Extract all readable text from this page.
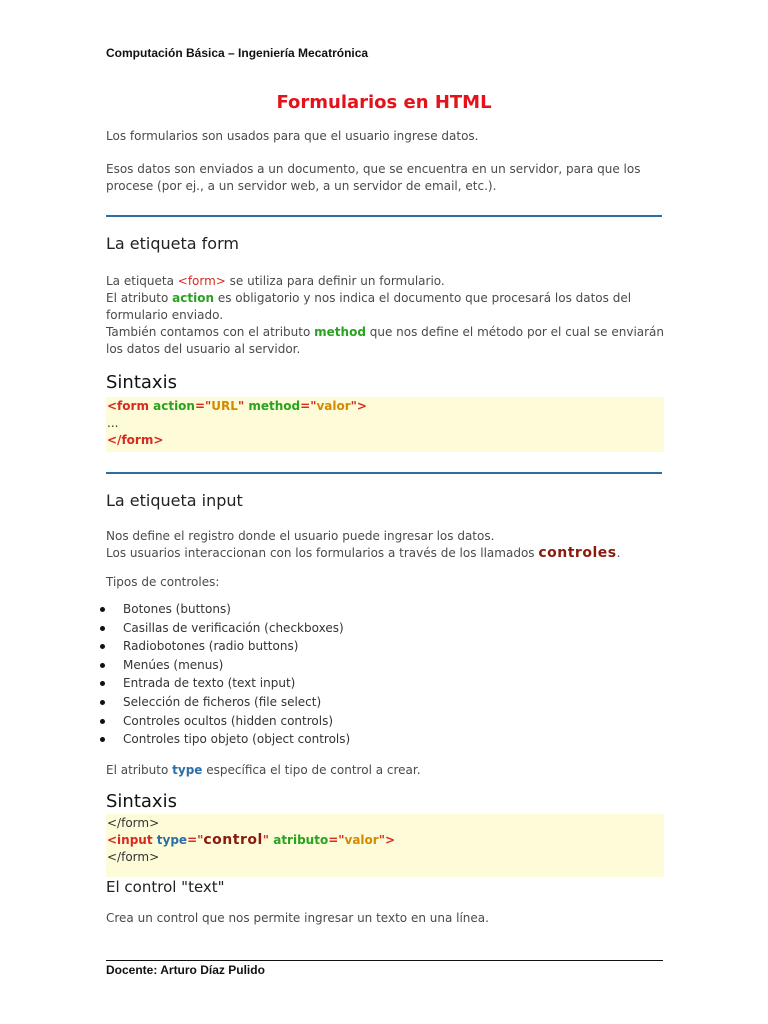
Computación Básica – Ingeniería Mecatrónica
Formularios en HTML

Los formularios son usados para que el usuario ingrese datos.

Esos datos son enviados a un documento, que se encuentra en un servidor, para que los procese (por ej., a un servidor web, a un servidor de email, etc.).

La etiqueta form

La etiqueta <form> se utiliza para definir un formulario.
El atributo action es obligatorio y nos indica el documento que procesará los datos del formulario enviado.
También contamos con el atributo method que nos define el método por el cual se enviarán los datos del usuario al servidor.

Sintaxis
<form action="URL" method="valor">
...
</form>
La etiqueta input

Nos define el registro donde el usuario puede ingresar los datos.
Los usuarios interaccionan con los formularios a través de los llamados controles.

Tipos de controles:

Botones (buttons)
Casillas de verificación (checkboxes)
Radiobotones (radio buttons)
Menúes (menus)
Entrada de texto (text input)
Selección de ficheros (file select)
Controles ocultos (hidden controls)
Controles tipo objeto (object controls)

El atributo type específica el tipo de control a crear.

Sintaxis
</form>
<input type="control" atributo="valor">
</form>
El control "text"

Crea un control que nos permite ingresar un texto en una línea.

Docente: Arturo Díaz Pulido
